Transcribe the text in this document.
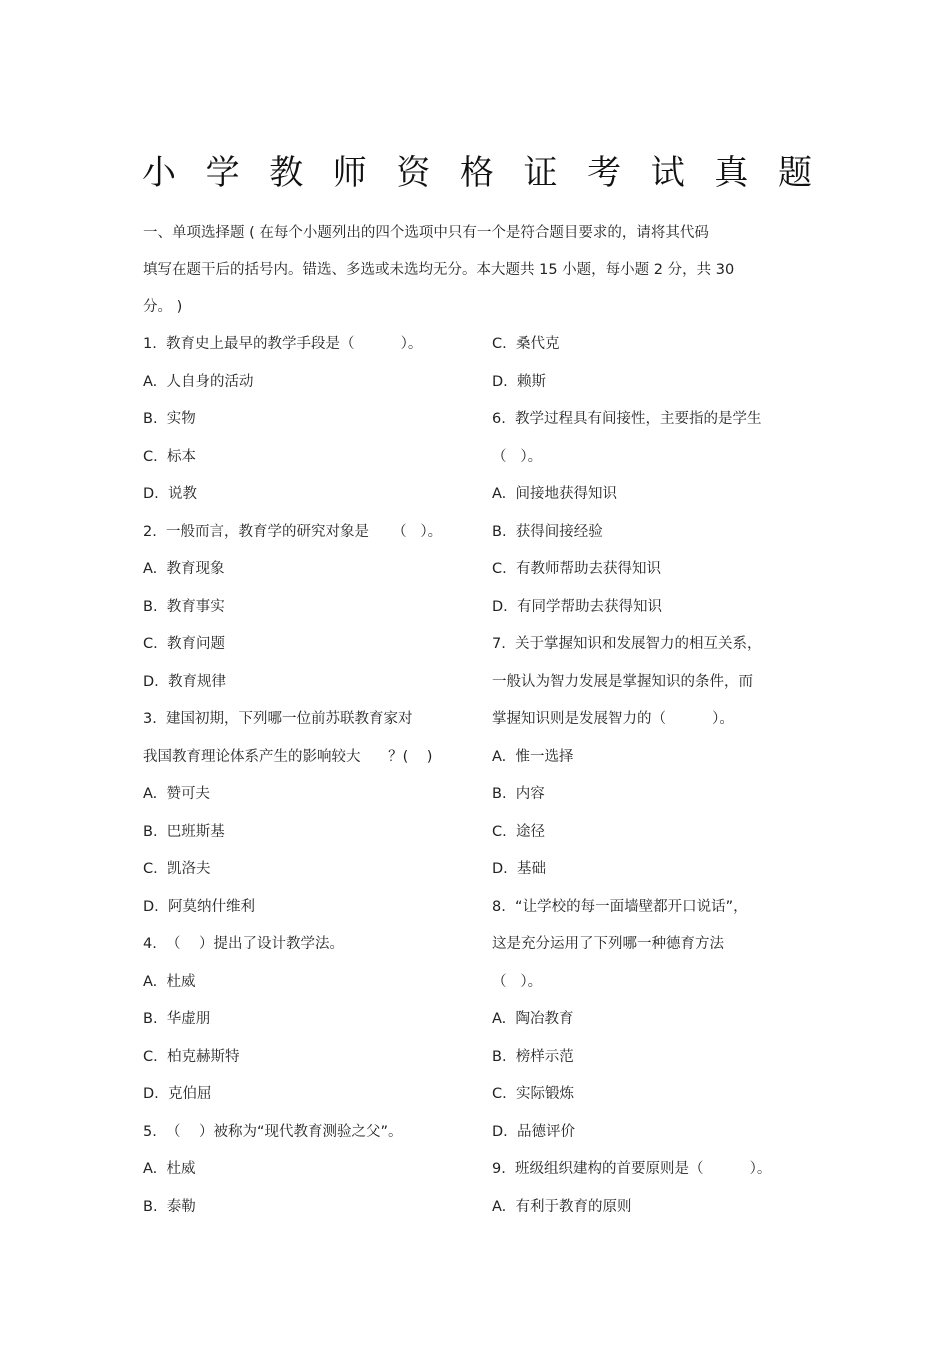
小 学 教 师 资 格 证 考 试 真 题
一、单项选择题 ( 在每个小题列出的四个选项中只有一个是符合题目要求的，请将其代码
填写在题干后的括号内。错选、多选或未选均无分。本大题共 15 小题，每小题 2 分，共 30
分。 )
1.  教育史上最早的教学手段是（          ）。
A.  人自身的活动
B.  实物
C.  标本
D.  说教
2.  一般而言，教育学的研究对象是     （   ）。
A.  教育现象
B.  教育事实
C.  教育问题
D.  教育规律
3.  建国初期，下列哪一位前苏联教育家对
我国教育理论体系产生的影响较大      ？(    )
A.  赞可夫
B.  巴班斯基
C.  凯洛夫
D.  阿莫纳什维利
4.  （    ）提出了设计教学法。
A.  杜威
B.  华虚朋
C.  柏克赫斯特
D.  克伯屈
5.  （    ）被称为“现代教育测验之父”。
A.  杜威
B.  泰勒
C.  桑代克
D.  赖斯
6.  教学过程具有间接性，主要指的是学生
（   ）。
A.  间接地获得知识
B.  获得间接经验
C.  有教师帮助去获得知识
D.  有同学帮助去获得知识
7.  关于掌握知识和发展智力的相互关系，
一般认为智力发展是掌握知识的条件，而
掌握知识则是发展智力的（          ）。
A.  惟一选择
B.  内容
C.  途径
D.  基础
8.  “让学校的每一面墙壁都开口说话”，
这是充分运用了下列哪一种德育方法
（   ）。
A.  陶冶教育
B.  榜样示范
C.  实际锻炼
D.  品德评价
9.  班级组织建构的首要原则是（          ）。
A.  有利于教育的原则
